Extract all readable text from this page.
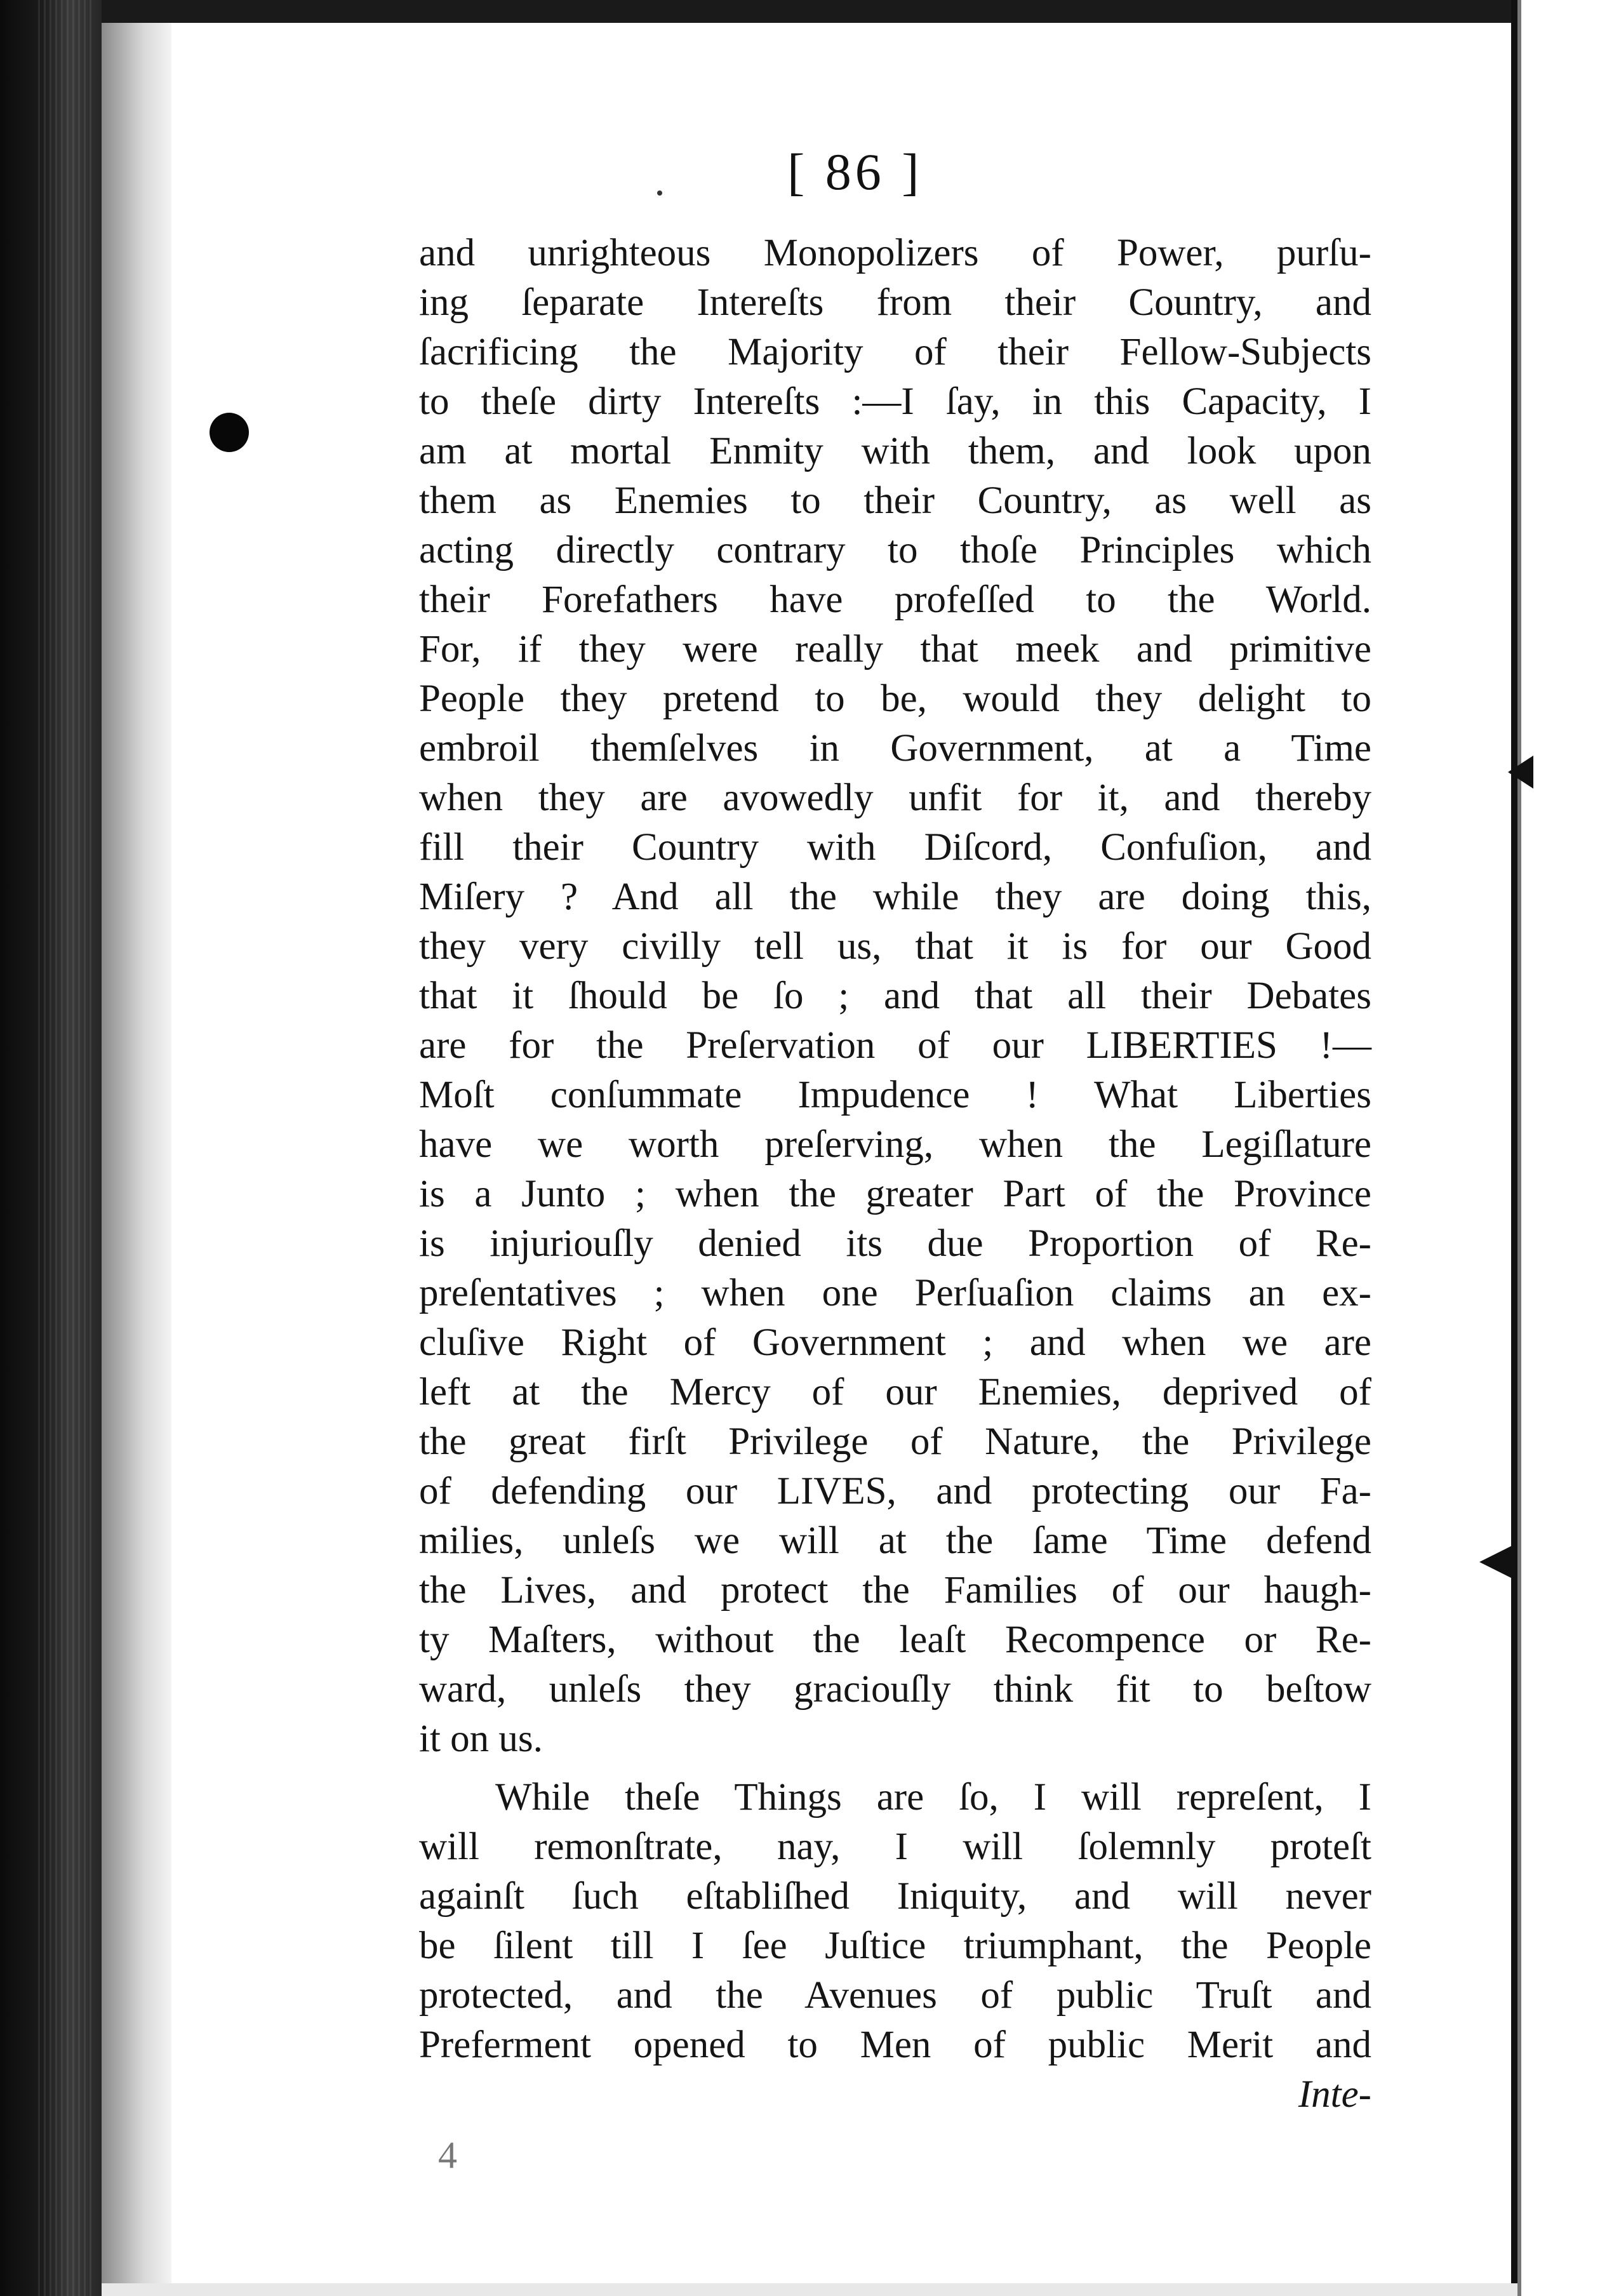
[ 86 ]
and unrighteous Monopolizers of Power, purſu-
ing ſeparate Intereſts from their Country, and
ſacrificing the Majority of their Fellow-Subjects
to theſe dirty Intereſts :—I ſay, in this Capacity, I
am at mortal Enmity with them, and look upon
them as Enemies to their Country, as well as
acting directly contrary to thoſe Principles which
their Forefathers have profeſſed to the World.
For, if they were really that meek and primitive
People they pretend to be, would they delight to
embroil themſelves in Government, at a Time
when they are avowedly unfit for it, and thereby
fill their Country with Diſcord, Confuſion, and
Miſery ? And all the while they are doing this,
they very civilly tell us, that it is for our Good
that it ſhould be ſo ; and that all their Debates
are for the Preſervation of our LIBERTIES !—
Moſt conſummate Impudence ! What Liberties
have we worth preſerving, when the Legiſlature
is a Junto ; when the greater Part of the Province
is injuriouſly denied its due Proportion of Re-
preſentatives ; when one Perſuaſion claims an ex-
cluſive Right of Government ; and when we are
left at the Mercy of our Enemies, deprived of
the great firſt Privilege of Nature, the Privilege
of defending our LIVES, and protecting our Fa-
milies, unleſs we will at the ſame Time defend
the Lives, and protect the Families of our haugh-
ty Maſters, without the leaſt Recompence or Re-
ward, unleſs they graciouſly think fit to beſtow
it on us.
While theſe Things are ſo, I will repreſent, I
will remonſtrate, nay, I will ſolemnly proteſt
againſt ſuch eſtabliſhed Iniquity, and will never
be ſilent till I ſee Juſtice triumphant, the People
protected, and the Avenues of public Truſt and
Preferment opened to Men of public Merit and
Inte-
4
